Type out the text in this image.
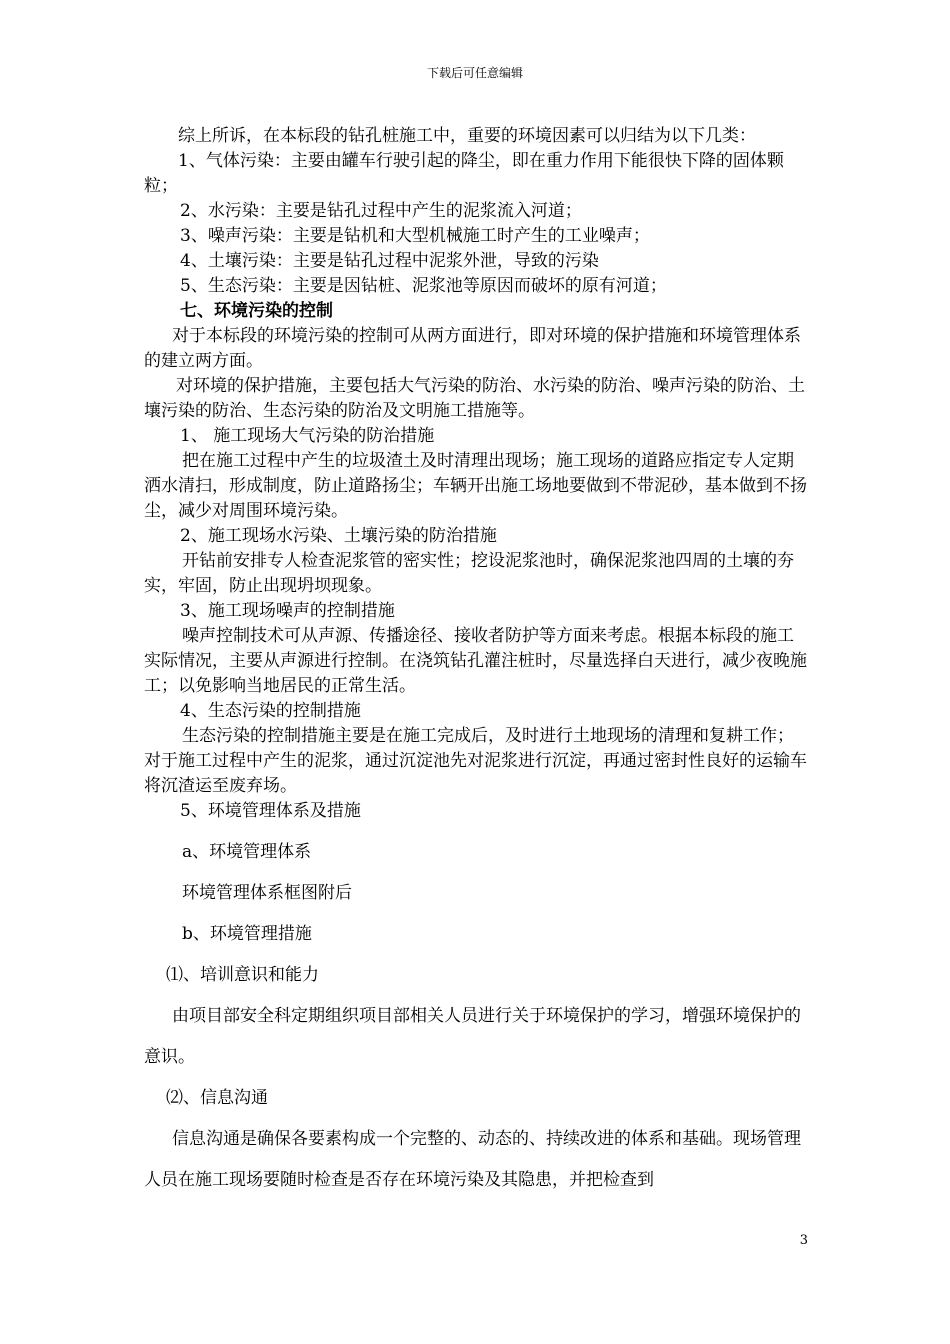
下载后可任意编辑

综上所诉，在本标段的钻孔桩施工中，重要的环境因素可以归结为以下几类：

1、气体污染：主要由罐车行驶引起的降尘，即在重力作用下能很快下降的固体颗粒；

2、水污染：主要是钻孔过程中产生的泥浆流入河道；

3、噪声污染：主要是钻机和大型机械施工时产生的工业噪声；

4、土壤污染：主要是钻孔过程中泥浆外泄，导致的污染

5、生态污染：主要是因钻桩、泥浆池等原因而破坏的原有河道；

七、环境污染的控制

对于本标段的环境污染的控制可从两方面进行，即对环境的保护措施和环境管理体系的建立两方面。

对环境的保护措施，主要包括大气污染的防治、水污染的防治、噪声污染的防治、土壤污染的防治、生态污染的防治及文明施工措施等。

1、 施工现场大气污染的防治措施

把在施工过程中产生的垃圾渣土及时清理出现场；施工现场的道路应指定专人定期洒水清扫，形成制度，防止道路扬尘；车辆开出施工场地要做到不带泥砂，基本做到不扬尘，减少对周围环境污染。

2、施工现场水污染、土壤污染的防治措施

开钻前安排专人检查泥浆管的密实性；挖设泥浆池时，确保泥浆池四周的土壤的夯实，牢固，防止出现坍坝现象。

3、施工现场噪声的控制措施

噪声控制技术可从声源、传播途径、接收者防护等方面来考虑。根据本标段的施工实际情况，主要从声源进行控制。在浇筑钻孔灌注桩时，尽量选择白天进行，减少夜晚施工；以免影响当地居民的正常生活。

4、生态污染的控制措施

生态污染的控制措施主要是在施工完成后，及时进行土地现场的清理和复耕工作；对于施工过程中产生的泥浆，通过沉淀池先对泥浆进行沉淀，再通过密封性良好的运输车将沉渣运至废弃场。

5、环境管理体系及措施

a、环境管理体系

环境管理体系框图附后

b、环境管理措施

⑴、培训意识和能力

由项目部安全科定期组织项目部相关人员进行关于环境保护的学习，增强环境保护的意识。

⑵、信息沟通

信息沟通是确保各要素构成一个完整的、动态的、持续改进的体系和基础。现场管理人员在施工现场要随时检查是否存在环境污染及其隐患，并把检查到

3
